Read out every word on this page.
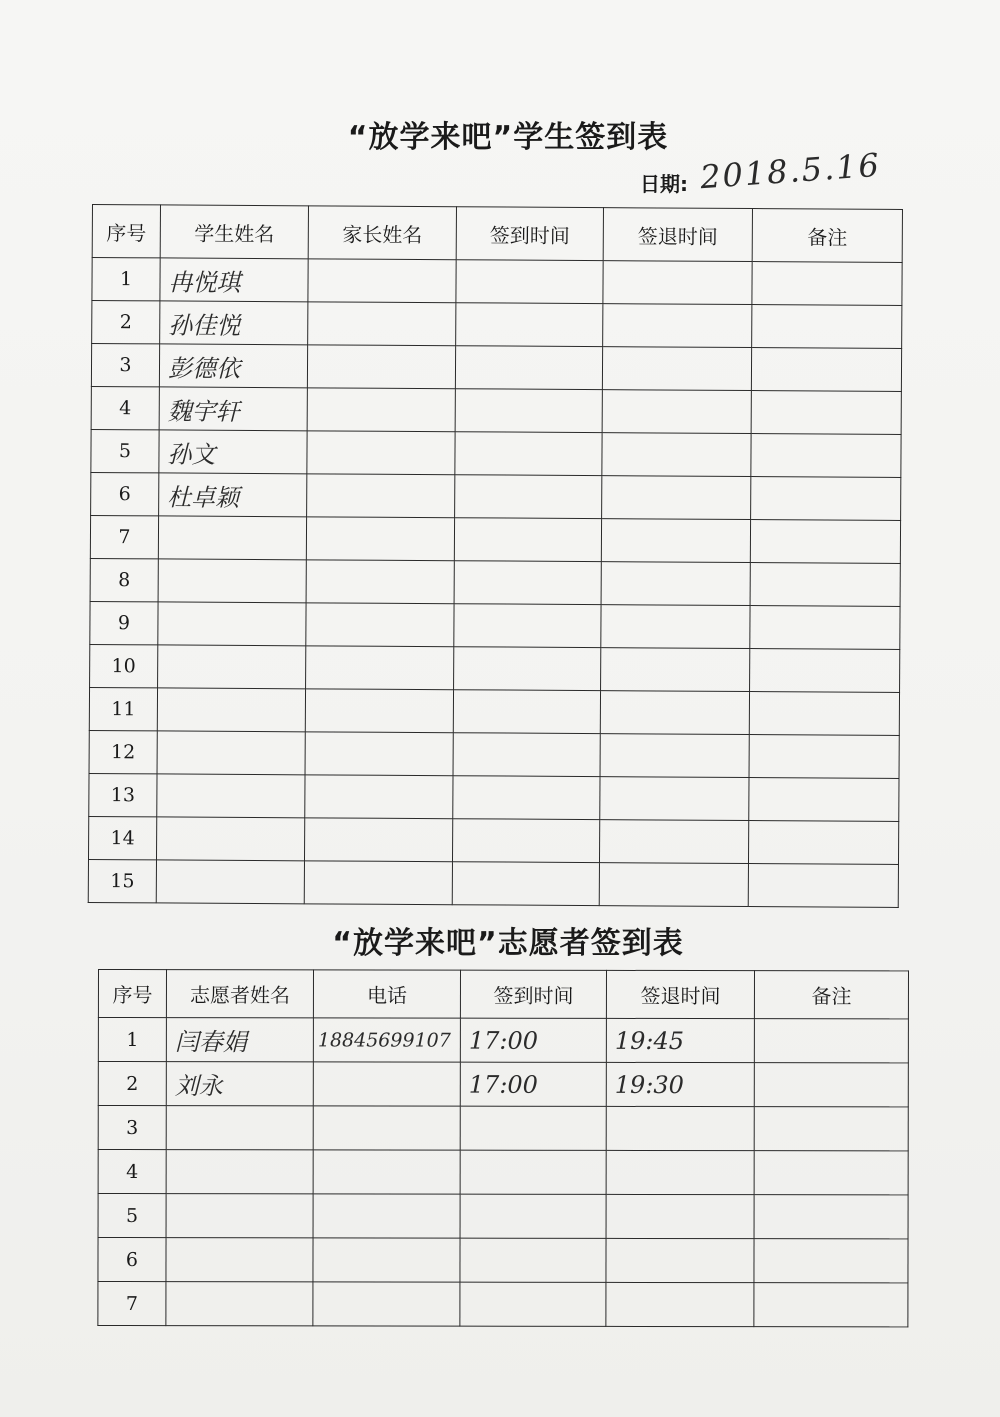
“放学来吧”学生签到表
日期: 2018.5.16
序号	学生姓名	家长姓名	签到时间	签退时间	备注
1	冉悦琪				
2	孙佳悦				
3	彭德依				
4	魏宇轩				
5	孙文				
6	杜卓颖				
7					
8					
9					
10					
11					
12					
13					
14					
15					
“放学来吧”志愿者签到表
序号	志愿者姓名	电话	签到时间	签退时间	备注
1	闫春娟	18845699107	17:00	19:45	
2	刘永		17:00	19:30	
3					
4					
5					
6					
7					
